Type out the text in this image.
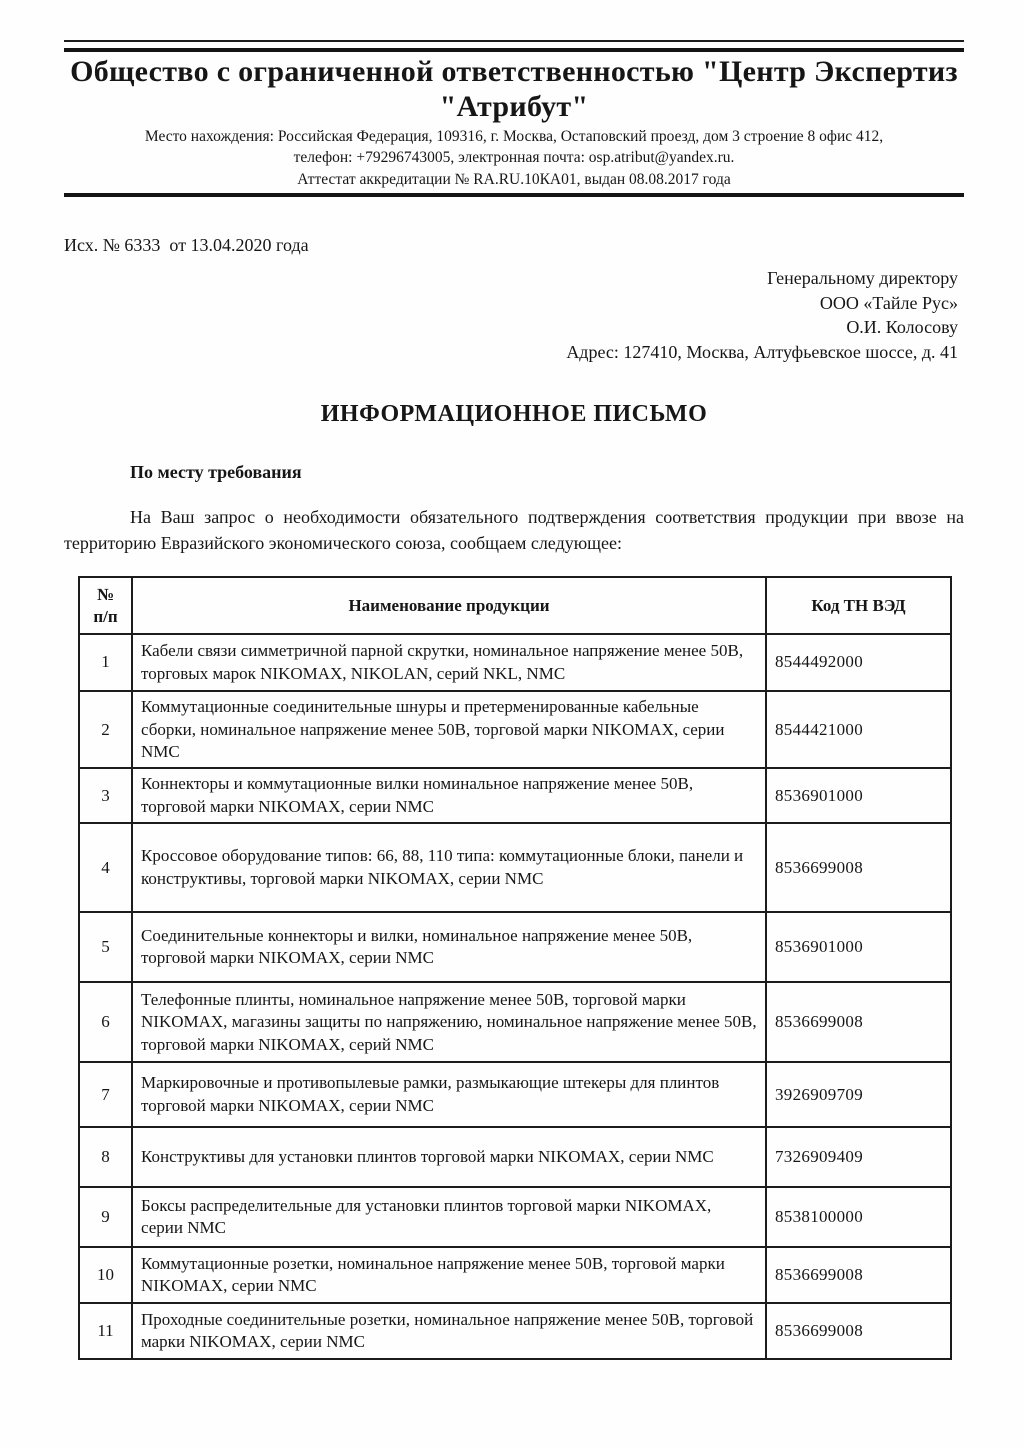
Общество с ограниченной ответственностью "Центр Экспертиз
"Атрибут"
Место нахождения: Российская Федерация, 109316, г. Москва, Остаповский проезд, дом 3 строение 8 офис 412,
телефон: +79296743005, электронная почта: osp.atribut@yandex.ru.
Аттестат аккредитации № RA.RU.10КА01, выдан 08.08.2017 года
Исх. № 6333  от 13.04.2020 года
Генеральному директору
ООО «Тайле Рус»
О.И. Колосову
Адрес: 127410, Москва, Алтуфьевское шоссе, д. 41
ИНФОРМАЦИОННОЕ ПИСЬМО
По месту требования
На Ваш запрос о необходимости обязательного подтверждения соответствия продукции при ввозе на территорию Евразийского экономического союза, сообщаем следующее:
№
п/п	Наименование продукции	Код ТН ВЭД
1	Кабели связи симметричной парной скрутки, номинальное напряжение менее 50В, торговых марок NIKOMAX, NIKOLAN, серий NKL, NMC	8544492000
2	Коммутационные соединительные шнуры и претерменированные кабельные сборки, номинальное напряжение менее 50В, торговой марки NIKOMAX, серии NMC	8544421000
3	Коннекторы и коммутационные вилки номинальное напряжение менее 50В, торговой марки NIKOMAX, серии NMC	8536901000
4	Кроссовое оборудование типов: 66, 88, 110 типа: коммутационные блоки, панели и конструктивы, торговой марки NIKOMAX, серии NMC	8536699008
5	Соединительные коннекторы и вилки, номинальное напряжение менее 50В, торговой марки NIKOMAX, серии NMC	8536901000
6	Телефонные плинты, номинальное напряжение менее 50В, торговой марки NIKOMAX, магазины защиты по напряжению, номинальное напряжение менее 50В, торговой марки NIKOMAX, серий NMC	8536699008
7	Маркировочные и противопылевые рамки, размыкающие штекеры для плинтов торговой марки NIKOMAX, серии NMC	3926909709
8	Конструктивы для установки плинтов торговой марки NIKOMAX, серии NMC	7326909409
9	Боксы распределительные для установки плинтов торговой марки NIKOMAX, серии NMC	8538100000
10	Коммутационные розетки, номинальное напряжение менее 50В, торговой марки NIKOMAX, серии NMC	8536699008
11	Проходные соединительные розетки, номинальное напряжение менее 50В, торговой марки NIKOMAX, серии NMC	8536699008
